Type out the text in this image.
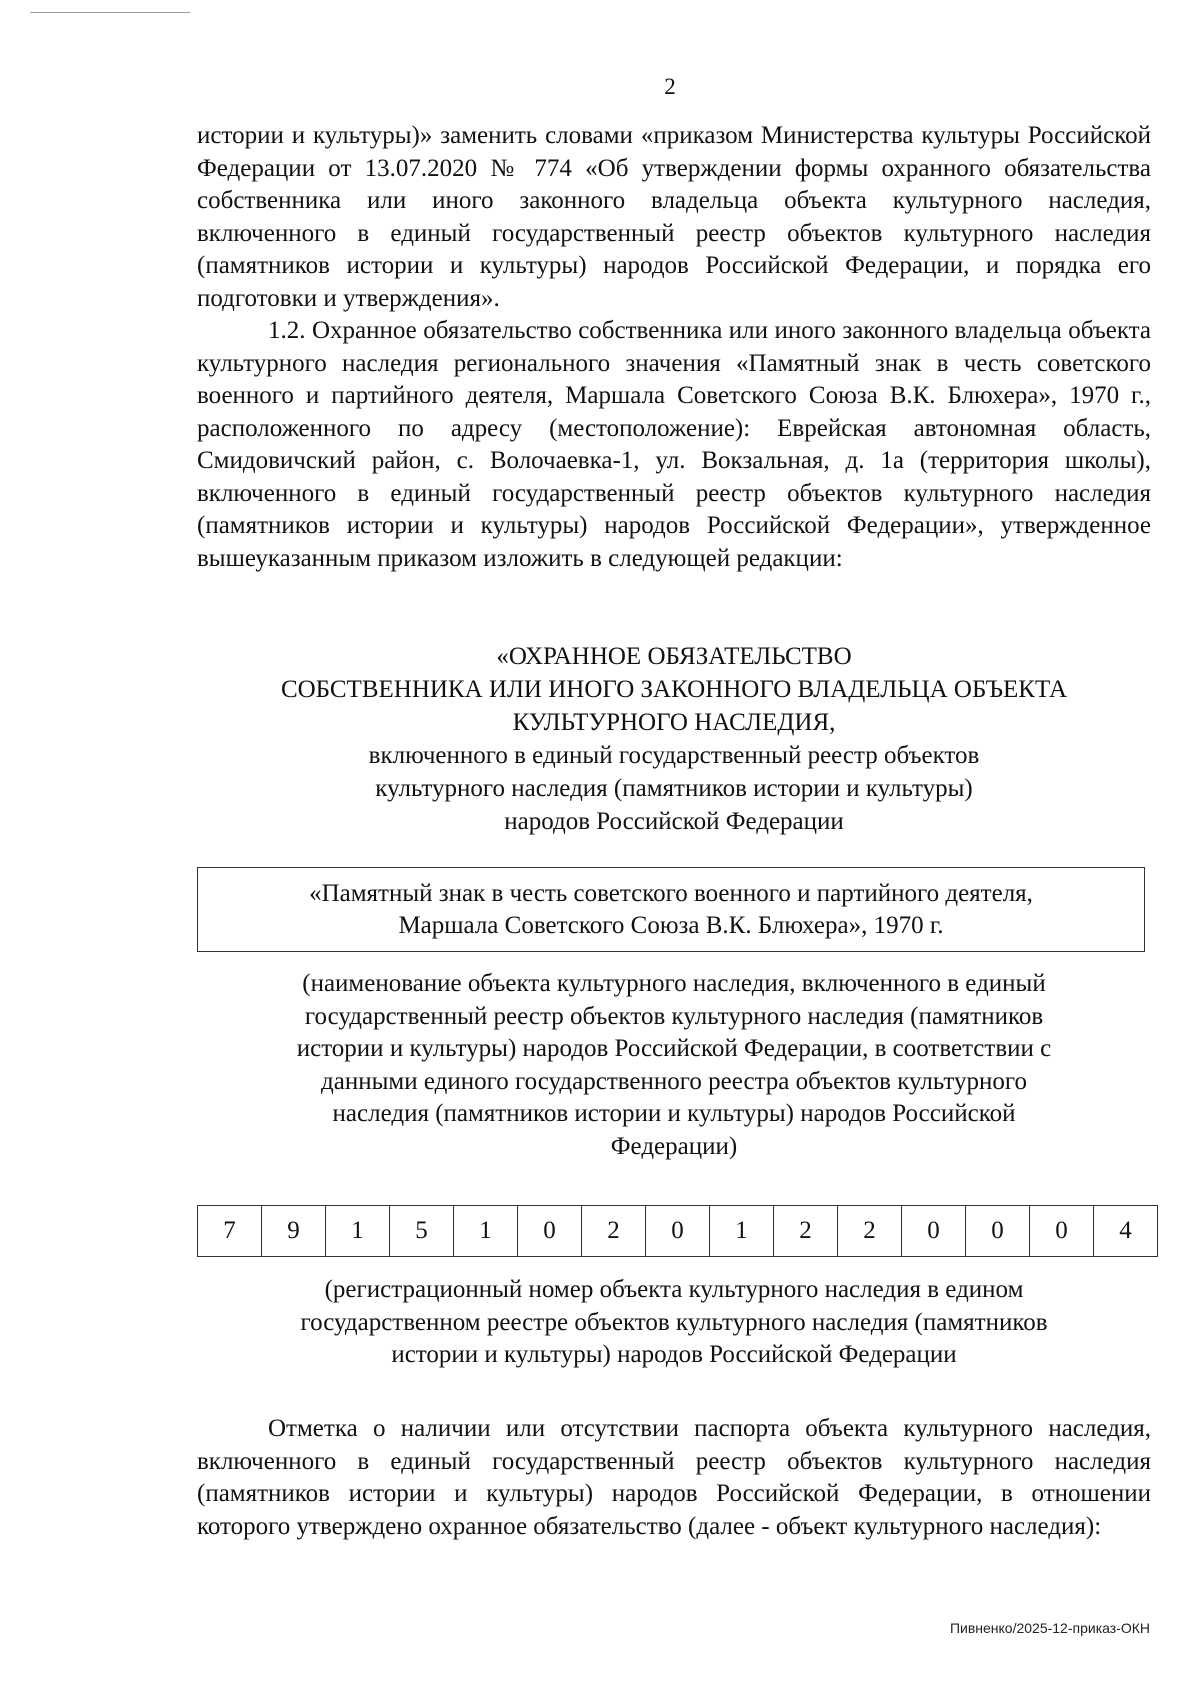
2

истории и культуры)» заменить словами «приказом Министерства культуры Российской Федерации от 13.07.2020 № 774 «Об утверждении формы охранного обязательства собственника или иного законного владельца объекта культурного наследия, включенного в единый государственный реестр объектов культурного наследия (памятников истории и культуры) народов Российской Федерации, и порядка его подготовки и утверждения».

1.2. Охранное обязательство собственника или иного законного владельца объекта культурного наследия регионального значения «Памятный знак в честь советского военного и партийного деятеля, Маршала Советского Союза В.К. Блюхера», 1970 г., расположенного по адресу (местоположение): Еврейская автономная область, Смидовичский район, с. Волочаевка-1, ул. Вокзальная, д. 1а (территория школы), включенного в единый государственный реестр объектов культурного наследия (памятников истории и культуры) народов Российской Федерации», утвержденное вышеуказанным приказом изложить в следующей редакции:

«ОХРАННОЕ ОБЯЗАТЕЛЬСТВО
СОБСТВЕННИКА ИЛИ ИНОГО ЗАКОННОГО ВЛАДЕЛЬЦА ОБЪЕКТА
КУЛЬТУРНОГО НАСЛЕДИЯ,
включенного в единый государственный реестр объектов
культурного наследия (памятников истории и культуры)
народов Российской Федерации
«Памятный знак в честь советского военного и партийного деятеля,
Маршала Советского Союза В.К. Блюхера», 1970 г.
(наименование объекта культурного наследия, включенного в единый
государственный реестр объектов культурного наследия (памятников
истории и культуры) народов Российской Федерации, в соответствии с
данными единого государственного реестра объектов культурного
наследия (памятников истории и культуры) народов Российской
Федерации)
7	9	1	5	1	0	2	0	1	2	2	0	0	0	4
(регистрационный номер объекта культурного наследия в едином
государственном реестре объектов культурного наследия (памятников
истории и культуры) народов Российской Федерации

Отметка о наличии или отсутствии паспорта объекта культурного наследия, включенного в единый государственный реестр объектов культурного наследия (памятников истории и культуры) народов Российской Федерации, в отношении которого утверждено охранное обязательство (далее - объект культурного наследия):

Пивненко/2025-12-приказ-ОКН
